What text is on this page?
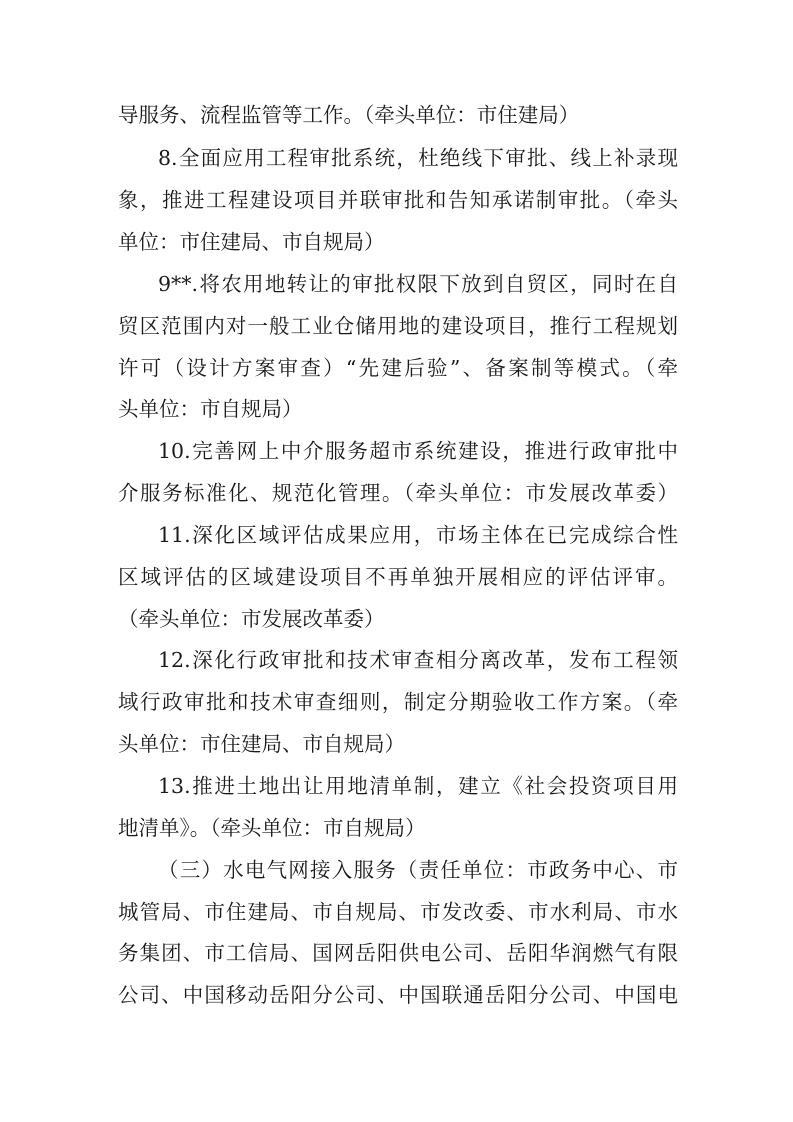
导服务、流程监管等工作。（牵头单位：市住建局）
8.全面应用工程审批系统，杜绝线下审批、线上补录现
象，推进工程建设项目并联审批和告知承诺制审批。（牵头
单位：市住建局、市自规局）
9**.将农用地转让的审批权限下放到自贸区，同时在自
贸区范围内对一般工业仓储用地的建设项目，推行工程规划
许可（设计方案审查）“先建后验”、备案制等模式。（牵
头单位：市自规局）
10.完善网上中介服务超市系统建设，推进行政审批中
介服务标准化、规范化管理。（牵头单位：市发展改革委）
11.深化区域评估成果应用，市场主体在已完成综合性
区域评估的区域建设项目不再单独开展相应的评估评审。
（牵头单位：市发展改革委）
12.深化行政审批和技术审查相分离改革，发布工程领
域行政审批和技术审查细则，制定分期验收工作方案。（牵
头单位：市住建局、市自规局）
13.推进土地出让用地清单制，建立《社会投资项目用
地清单》。（牵头单位：市自规局）
（三）水电气网接入服务（责任单位：市政务中心、市
城管局、市住建局、市自规局、市发改委、市水利局、市水
务集团、市工信局、国网岳阳供电公司、岳阳华润燃气有限
公司、中国移动岳阳分公司、中国联通岳阳分公司、中国电
